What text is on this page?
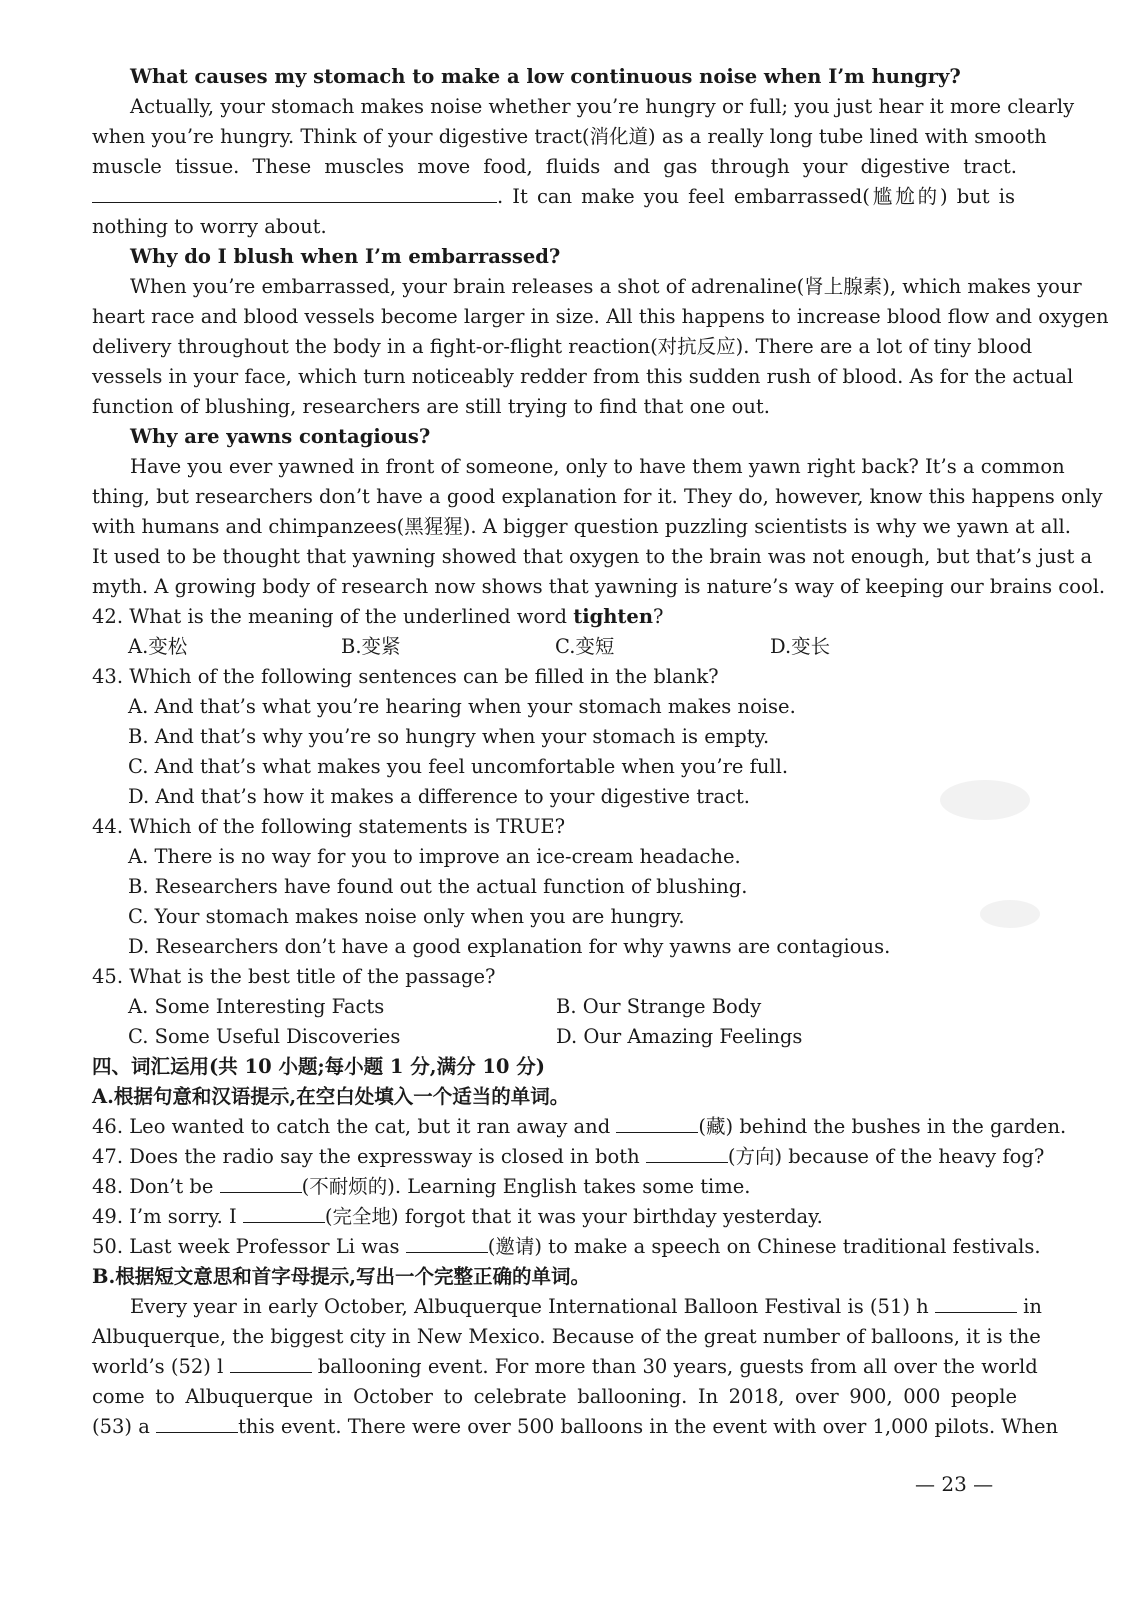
What causes my stomach to make a low continuous noise when I’m hungry?
Actually, your stomach makes noise whether you’re hungry or full; you just hear it more clearly
when you’re hungry. Think of your digestive tract(消化道) as a really long tube lined with smooth
muscle tissue. These muscles move food, fluids and gas through your digestive tract.
. It can make you feel embarrassed(尴尬的) but is
nothing to worry about.
Why do I blush when I’m embarrassed?
When you’re embarrassed, your brain releases a shot of adrenaline(肾上腺素), which makes your
heart race and blood vessels become larger in size. All this happens to increase blood flow and oxygen
delivery throughout the body in a fight-or-flight reaction(对抗反应). There are a lot of tiny blood
vessels in your face, which turn noticeably redder from this sudden rush of blood. As for the actual
function of blushing, researchers are still trying to find that one out.
Why are yawns contagious?
Have you ever yawned in front of someone, only to have them yawn right back? It’s a common
thing, but researchers don’t have a good explanation for it. They do, however, know this happens only
with humans and chimpanzees(黑猩猩). A bigger question puzzling scientists is why we yawn at all.
It used to be thought that yawning showed that oxygen to the brain was not enough, but that’s just a
myth. A growing body of research now shows that yawning is nature’s way of keeping our brains cool.
42. What is the meaning of the underlined word tighten?
A.变松	B.变紧	C.变短	D.变长
43. Which of the following sentences can be filled in the blank?
A. And that’s what you’re hearing when your stomach makes noise.
B. And that’s why you’re so hungry when your stomach is empty.
C. And that’s what makes you feel uncomfortable when you’re full.
D. And that’s how it makes a difference to your digestive tract.
44. Which of the following statements is TRUE?
A. There is no way for you to improve an ice-cream headache.
B. Researchers have found out the actual function of blushing.
C. Your stomach makes noise only when you are hungry.
D. Researchers don’t have a good explanation for why yawns are contagious.
45. What is the best title of the passage?
A. Some Interesting Facts	B. Our Strange Body
C. Some Useful Discoveries	D. Our Amazing Feelings
四、词汇运用(共 10 小题;每小题 1 分,满分 10 分)
A.根据句意和汉语提示,在空白处填入一个适当的单词。
46. Leo wanted to catch the cat, but it ran away and	(藏) behind the bushes in the garden.
47. Does the radio say the expressway is closed in both	(方向) because of the heavy fog?
48. Don’t be	(不耐烦的). Learning English takes some time.
49. I’m sorry. I	(完全地) forgot that it was your birthday yesterday.
50. Last week Professor Li was	(邀请) to make a speech on Chinese traditional festivals.
B.根据短文意思和首字母提示,写出一个完整正确的单词。
Every year in early October, Albuquerque International Balloon Festival is (51) h	in
Albuquerque, the biggest city in New Mexico. Because of the great number of balloons, it is the
world’s (52) l	ballooning event. For more than 30 years, guests from all over the world
come to Albuquerque in October to celebrate ballooning. In 2018, over 900, 000 people
(53) a	this event. There were over 500 balloons in the event with over 1,000 pilots. When
— 23 —
